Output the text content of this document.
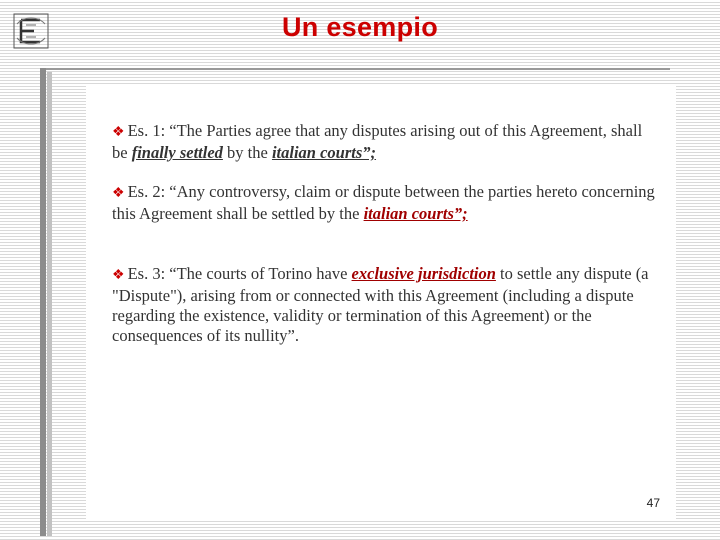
Un esempio
❖ Es. 1: “The Parties agree that any disputes arising out of this Agreement, shall be finally settled by the italian courts”;
❖ Es. 2: “Any controversy, claim or dispute between the parties hereto concerning this Agreement shall be settled by the italian courts”;
❖ Es. 3: “The courts of Torino have exclusive jurisdiction to settle any dispute (a "Dispute"), arising from or connected with this Agreement (including a dispute regarding the existence, validity or termination of this Agreement) or the consequences of its nullity”.
47
